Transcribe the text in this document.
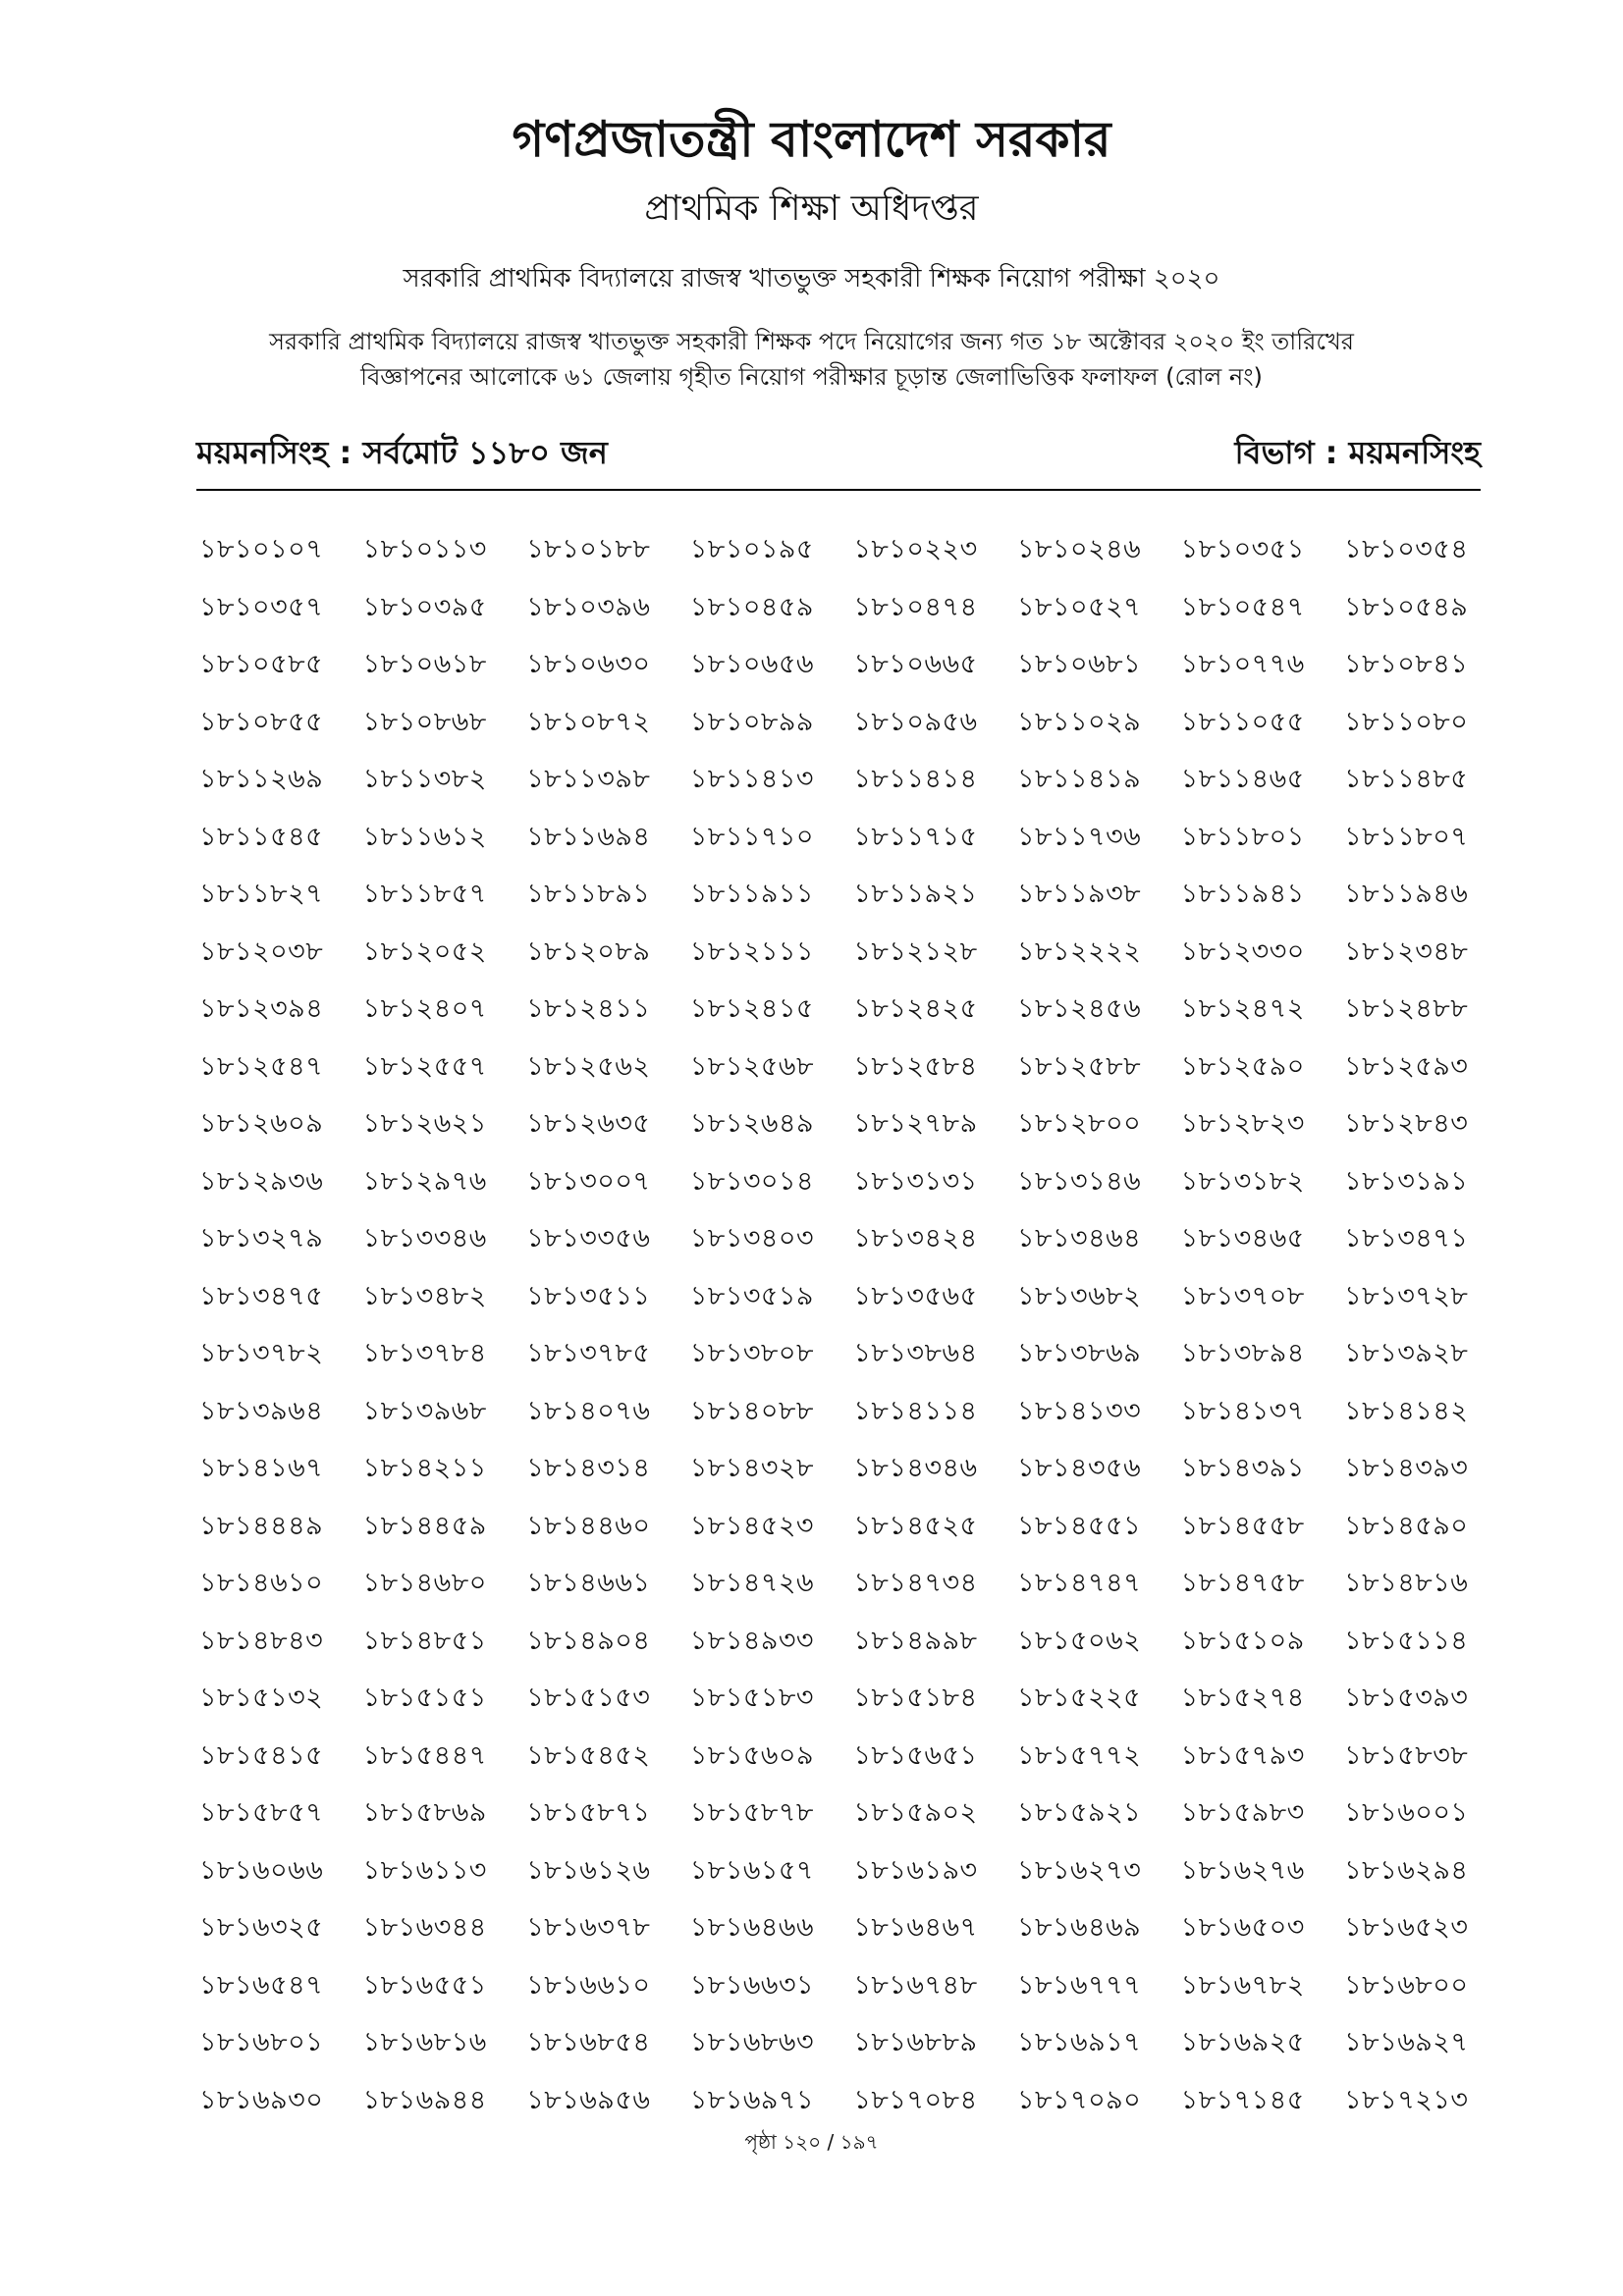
গণপ্রজাতন্ত্রী বাংলাদেশ সরকার
প্রাথমিক শিক্ষা অধিদপ্তর
সরকারি প্রাথমিক বিদ্যালয়ে রাজস্ব খাতভুক্ত সহকারী শিক্ষক নিয়োগ পরীক্ষা ২০২০
সরকারি প্রাথমিক বিদ্যালয়ে রাজস্ব খাতভুক্ত সহকারী শিক্ষক পদে নিয়োগের জন্য গত ১৮ অক্টোবর ২০২০ ইং তারিখের
বিজ্ঞাপনের আলোকে ৬১ জেলায় গৃহীত নিয়োগ পরীক্ষার চূড়ান্ত জেলাভিত্তিক ফলাফল (রোল নং)
ময়মনসিংহ : সর্বমোট ১১৮০ জন	বিভাগ : ময়মনসিংহ
১৮১০১০৭	১৮১০১১৩	১৮১০১৮৮	১৮১০১৯৫	১৮১০২২৩	১৮১০২৪৬	১৮১০৩৫১	১৮১০৩৫৪
১৮১০৩৫৭	১৮১০৩৯৫	১৮১০৩৯৬	১৮১০৪৫৯	১৮১০৪৭৪	১৮১০৫২৭	১৮১০৫৪৭	১৮১০৫৪৯
১৮১০৫৮৫	১৮১০৬১৮	১৮১০৬৩০	১৮১০৬৫৬	১৮১০৬৬৫	১৮১০৬৮১	১৮১০৭৭৬	১৮১০৮৪১
১৮১০৮৫৫	১৮১০৮৬৮	১৮১০৮৭২	১৮১০৮৯৯	১৮১০৯৫৬	১৮১১০২৯	১৮১১০৫৫	১৮১১০৮০
১৮১১২৬৯	১৮১১৩৮২	১৮১১৩৯৮	১৮১১৪১৩	১৮১১৪১৪	১৮১১৪১৯	১৮১১৪৬৫	১৮১১৪৮৫
১৮১১৫৪৫	১৮১১৬১২	১৮১১৬৯৪	১৮১১৭১০	১৮১১৭১৫	১৮১১৭৩৬	১৮১১৮০১	১৮১১৮০৭
১৮১১৮২৭	১৮১১৮৫৭	১৮১১৮৯১	১৮১১৯১১	১৮১১৯২১	১৮১১৯৩৮	১৮১১৯৪১	১৮১১৯৪৬
১৮১২০৩৮	১৮১২০৫২	১৮১২০৮৯	১৮১২১১১	১৮১২১২৮	১৮১২২২২	১৮১২৩৩০	১৮১২৩৪৮
১৮১২৩৯৪	১৮১২৪০৭	১৮১২৪১১	১৮১২৪১৫	১৮১২৪২৫	১৮১২৪৫৬	১৮১২৪৭২	১৮১২৪৮৮
১৮১২৫৪৭	১৮১২৫৫৭	১৮১২৫৬২	১৮১২৫৬৮	১৮১২৫৮৪	১৮১২৫৮৮	১৮১২৫৯০	১৮১২৫৯৩
১৮১২৬০৯	১৮১২৬২১	১৮১২৬৩৫	১৮১২৬৪৯	১৮১২৭৮৯	১৮১২৮০০	১৮১২৮২৩	১৮১২৮৪৩
১৮১২৯৩৬	১৮১২৯৭৬	১৮১৩০০৭	১৮১৩০১৪	১৮১৩১৩১	১৮১৩১৪৬	১৮১৩১৮২	১৮১৩১৯১
১৮১৩২৭৯	১৮১৩৩৪৬	১৮১৩৩৫৬	১৮১৩৪০৩	১৮১৩৪২৪	১৮১৩৪৬৪	১৮১৩৪৬৫	১৮১৩৪৭১
১৮১৩৪৭৫	১৮১৩৪৮২	১৮১৩৫১১	১৮১৩৫১৯	১৮১৩৫৬৫	১৮১৩৬৮২	১৮১৩৭০৮	১৮১৩৭২৮
১৮১৩৭৮২	১৮১৩৭৮৪	১৮১৩৭৮৫	১৮১৩৮০৮	১৮১৩৮৬৪	১৮১৩৮৬৯	১৮১৩৮৯৪	১৮১৩৯২৮
১৮১৩৯৬৪	১৮১৩৯৬৮	১৮১৪০৭৬	১৮১৪০৮৮	১৮১৪১১৪	১৮১৪১৩৩	১৮১৪১৩৭	১৮১৪১৪২
১৮১৪১৬৭	১৮১৪২১১	১৮১৪৩১৪	১৮১৪৩২৮	১৮১৪৩৪৬	১৮১৪৩৫৬	১৮১৪৩৯১	১৮১৪৩৯৩
১৮১৪৪৪৯	১৮১৪৪৫৯	১৮১৪৪৬০	১৮১৪৫২৩	১৮১৪৫২৫	১৮১৪৫৫১	১৮১৪৫৫৮	১৮১৪৫৯০
১৮১৪৬১০	১৮১৪৬৮০	১৮১৪৬৬১	১৮১৪৭২৬	১৮১৪৭৩৪	১৮১৪৭৪৭	১৮১৪৭৫৮	১৮১৪৮১৬
১৮১৪৮৪৩	১৮১৪৮৫১	১৮১৪৯০৪	১৮১৪৯৩৩	১৮১৪৯৯৮	১৮১৫০৬২	১৮১৫১০৯	১৮১৫১১৪
১৮১৫১৩২	১৮১৫১৫১	১৮১৫১৫৩	১৮১৫১৮৩	১৮১৫১৮৪	১৮১৫২২৫	১৮১৫২৭৪	১৮১৫৩৯৩
১৮১৫৪১৫	১৮১৫৪৪৭	১৮১৫৪৫২	১৮১৫৬০৯	১৮১৫৬৫১	১৮১৫৭৭২	১৮১৫৭৯৩	১৮১৫৮৩৮
১৮১৫৮৫৭	১৮১৫৮৬৯	১৮১৫৮৭১	১৮১৫৮৭৮	১৮১৫৯০২	১৮১৫৯২১	১৮১৫৯৮৩	১৮১৬০০১
১৮১৬০৬৬	১৮১৬১১৩	১৮১৬১২৬	১৮১৬১৫৭	১৮১৬১৯৩	১৮১৬২৭৩	১৮১৬২৭৬	১৮১৬২৯৪
১৮১৬৩২৫	১৮১৬৩৪৪	১৮১৬৩৭৮	১৮১৬৪৬৬	১৮১৬৪৬৭	১৮১৬৪৬৯	১৮১৬৫০৩	১৮১৬৫২৩
১৮১৬৫৪৭	১৮১৬৫৫১	১৮১৬৬১০	১৮১৬৬৩১	১৮১৬৭৪৮	১৮১৬৭৭৭	১৮১৬৭৮২	১৮১৬৮০০
১৮১৬৮০১	১৮১৬৮১৬	১৮১৬৮৫৪	১৮১৬৮৬৩	১৮১৬৮৮৯	১৮১৬৯১৭	১৮১৬৯২৫	১৮১৬৯২৭
১৮১৬৯৩০	১৮১৬৯৪৪	১৮১৬৯৫৬	১৮১৬৯৭১	১৮১৭০৮৪	১৮১৭০৯০	১৮১৭১৪৫	১৮১৭২১৩
পৃষ্ঠা ১২০ / ১৯৭
